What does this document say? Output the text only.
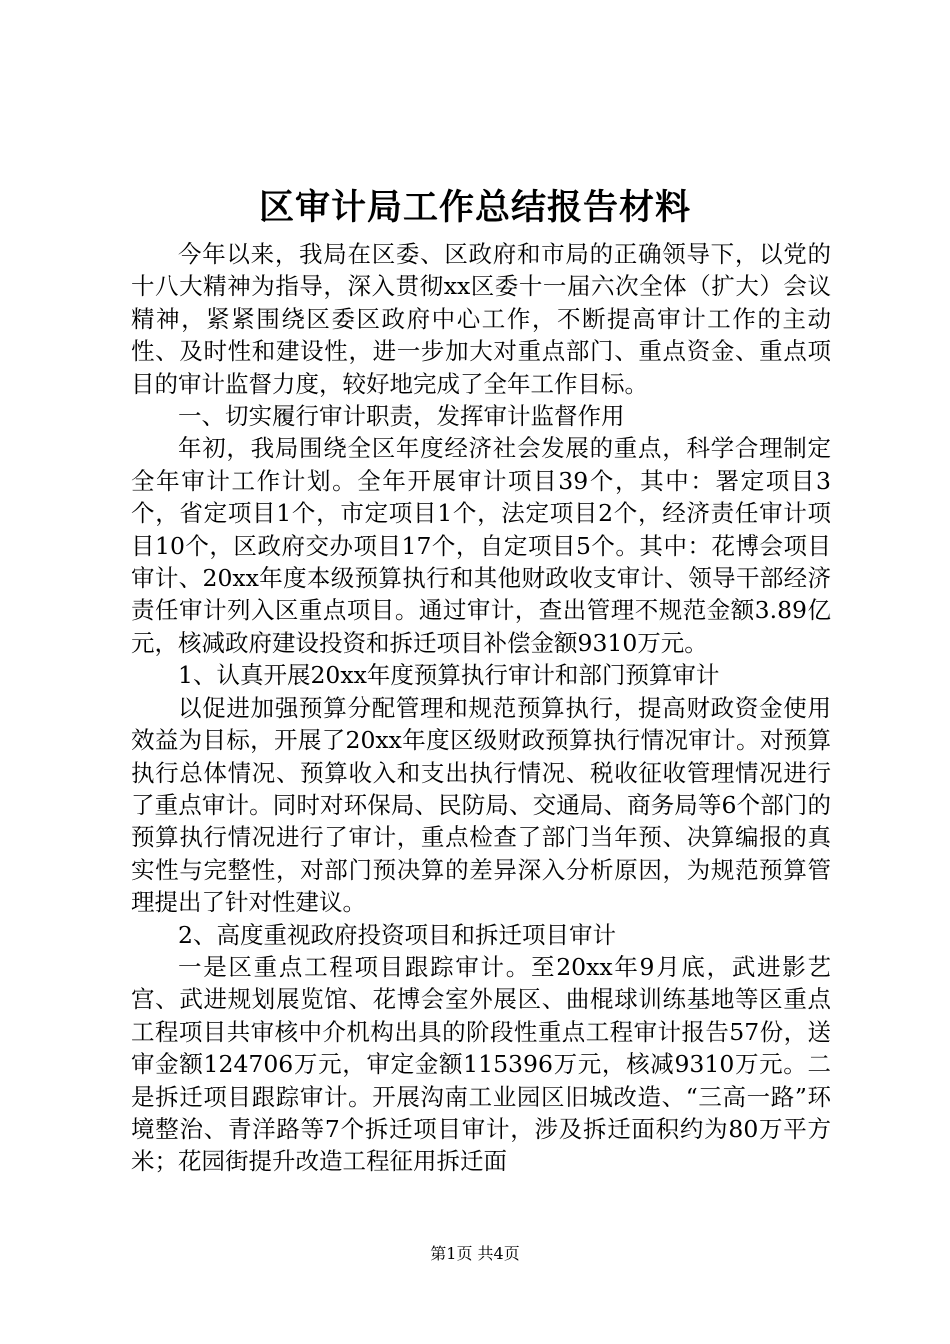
区审计局工作总结报告材料

今年以来，我局在区委、区政府和市局的正确领导下，以党的十八大精神为指导，深入贯彻xx区委十一届六次全体（扩大）会议精神，紧紧围绕区委区政府中心工作，不断提高审计工作的主动性、及时性和建设性，进一步加大对重点部门、重点资金、重点项目的审计监督力度，较好地完成了全年工作目标。

一、切实履行审计职责，发挥审计监督作用

年初，我局围绕全区年度经济社会发展的重点，科学合理制定全年审计工作计划。全年开展审计项目39个，其中：署定项目3个，省定项目1个，市定项目1个，法定项目2个，经济责任审计项目10个，区政府交办项目17个，自定项目5个。其中：花博会项目审计、20xx年度本级预算执行和其他财政收支审计、领导干部经济责任审计列入区重点项目。通过审计，查出管理不规范金额3.89亿元，核减政府建设投资和拆迁项目补偿金额9310万元。

1、认真开展20xx年度预算执行审计和部门预算审计

以促进加强预算分配管理和规范预算执行，提高财政资金使用效益为目标，开展了20xx年度区级财政预算执行情况审计。对预算执行总体情况、预算收入和支出执行情况、税收征收管理情况进行了重点审计。同时对环保局、民防局、交通局、商务局等6个部门的预算执行情况进行了审计，重点检查了部门当年预、决算编报的真实性与完整性，对部门预决算的差异深入分析原因，为规范预算管理提出了针对性建议。

2、高度重视政府投资项目和拆迁项目审计

一是区重点工程项目跟踪审计。至20xx年9月底，武进影艺宫、武进规划展览馆、花博会室外展区、曲棍球训练基地等区重点工程项目共审核中介机构出具的阶段性重点工程审计报告57份，送审金额124706万元，审定金额115396万元，核减9310万元。二是拆迁项目跟踪审计。开展沟南工业园区旧城改造、“三高一路”环境整治、青洋路等7个拆迁项目审计，涉及拆迁面积约为80万平方米；花园街提升改造工程征用拆迁面

第1页 共4页
